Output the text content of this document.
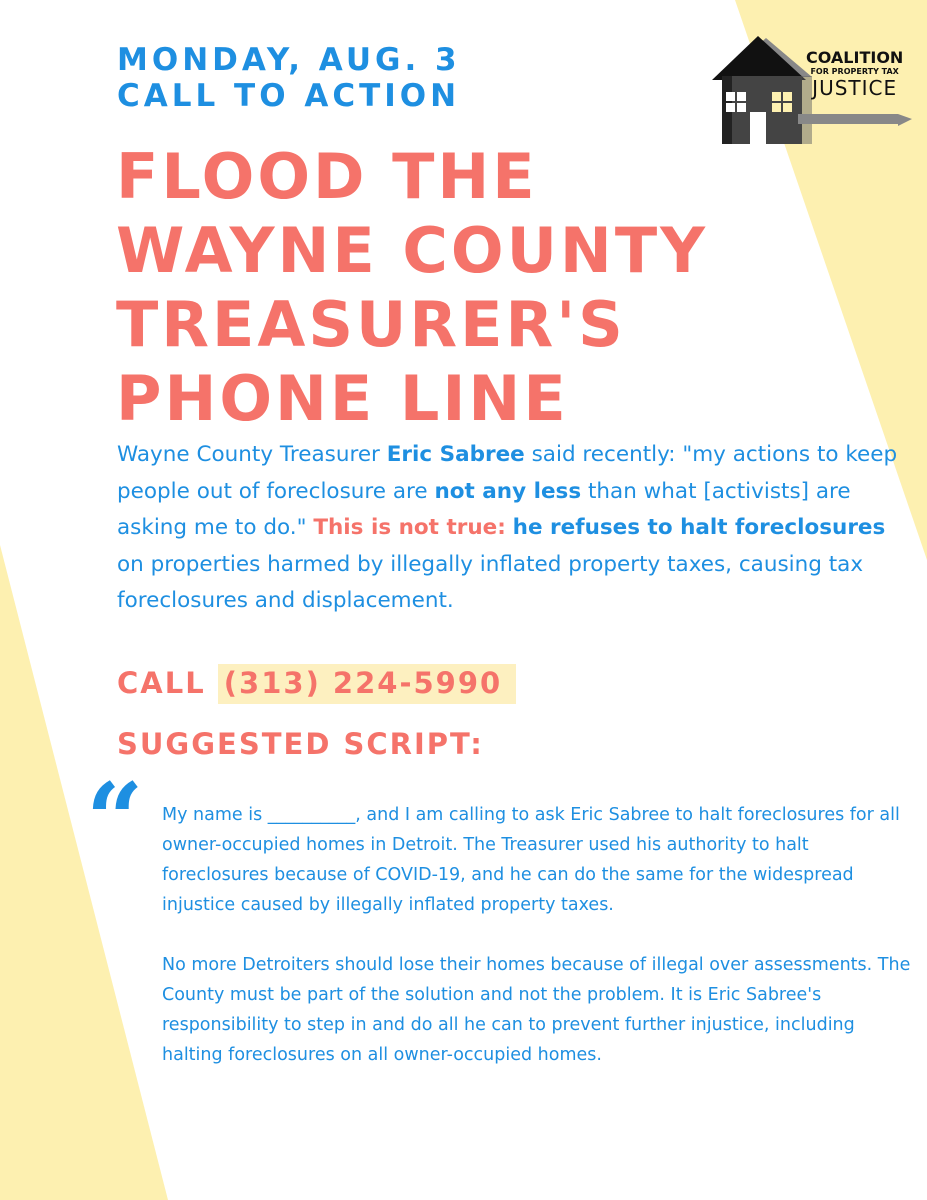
MONDAY, AUG. 3
CALL TO ACTION
FLOOD THE
WAYNE COUNTY
TREASURER'S
PHONE LINE
COALITION
FOR PROPERTY TAX
JUSTICE
Wayne County Treasurer Eric Sabree said recently: "my actions to keep people out of foreclosure are not any less than what [activists] are asking me to do." This is not true: he refuses to halt foreclosures on properties harmed by illegally inflated property taxes, causing tax foreclosures and displacement.
CALL (313) 224-5990
SUGGESTED SCRIPT:
“ My name is __________, and I am calling to ask Eric Sabree to halt foreclosures for all owner-occupied homes in Detroit. The Treasurer used his authority to halt foreclosures because of COVID-19, and he can do the same for the widespread injustice caused by illegally inflated property taxes.

No more Detroiters should lose their homes because of illegal over assessments. The County must be part of the solution and not the problem. It is Eric Sabree's responsibility to step in and do all he can to prevent further injustice, including halting foreclosures on all owner-occupied homes.
